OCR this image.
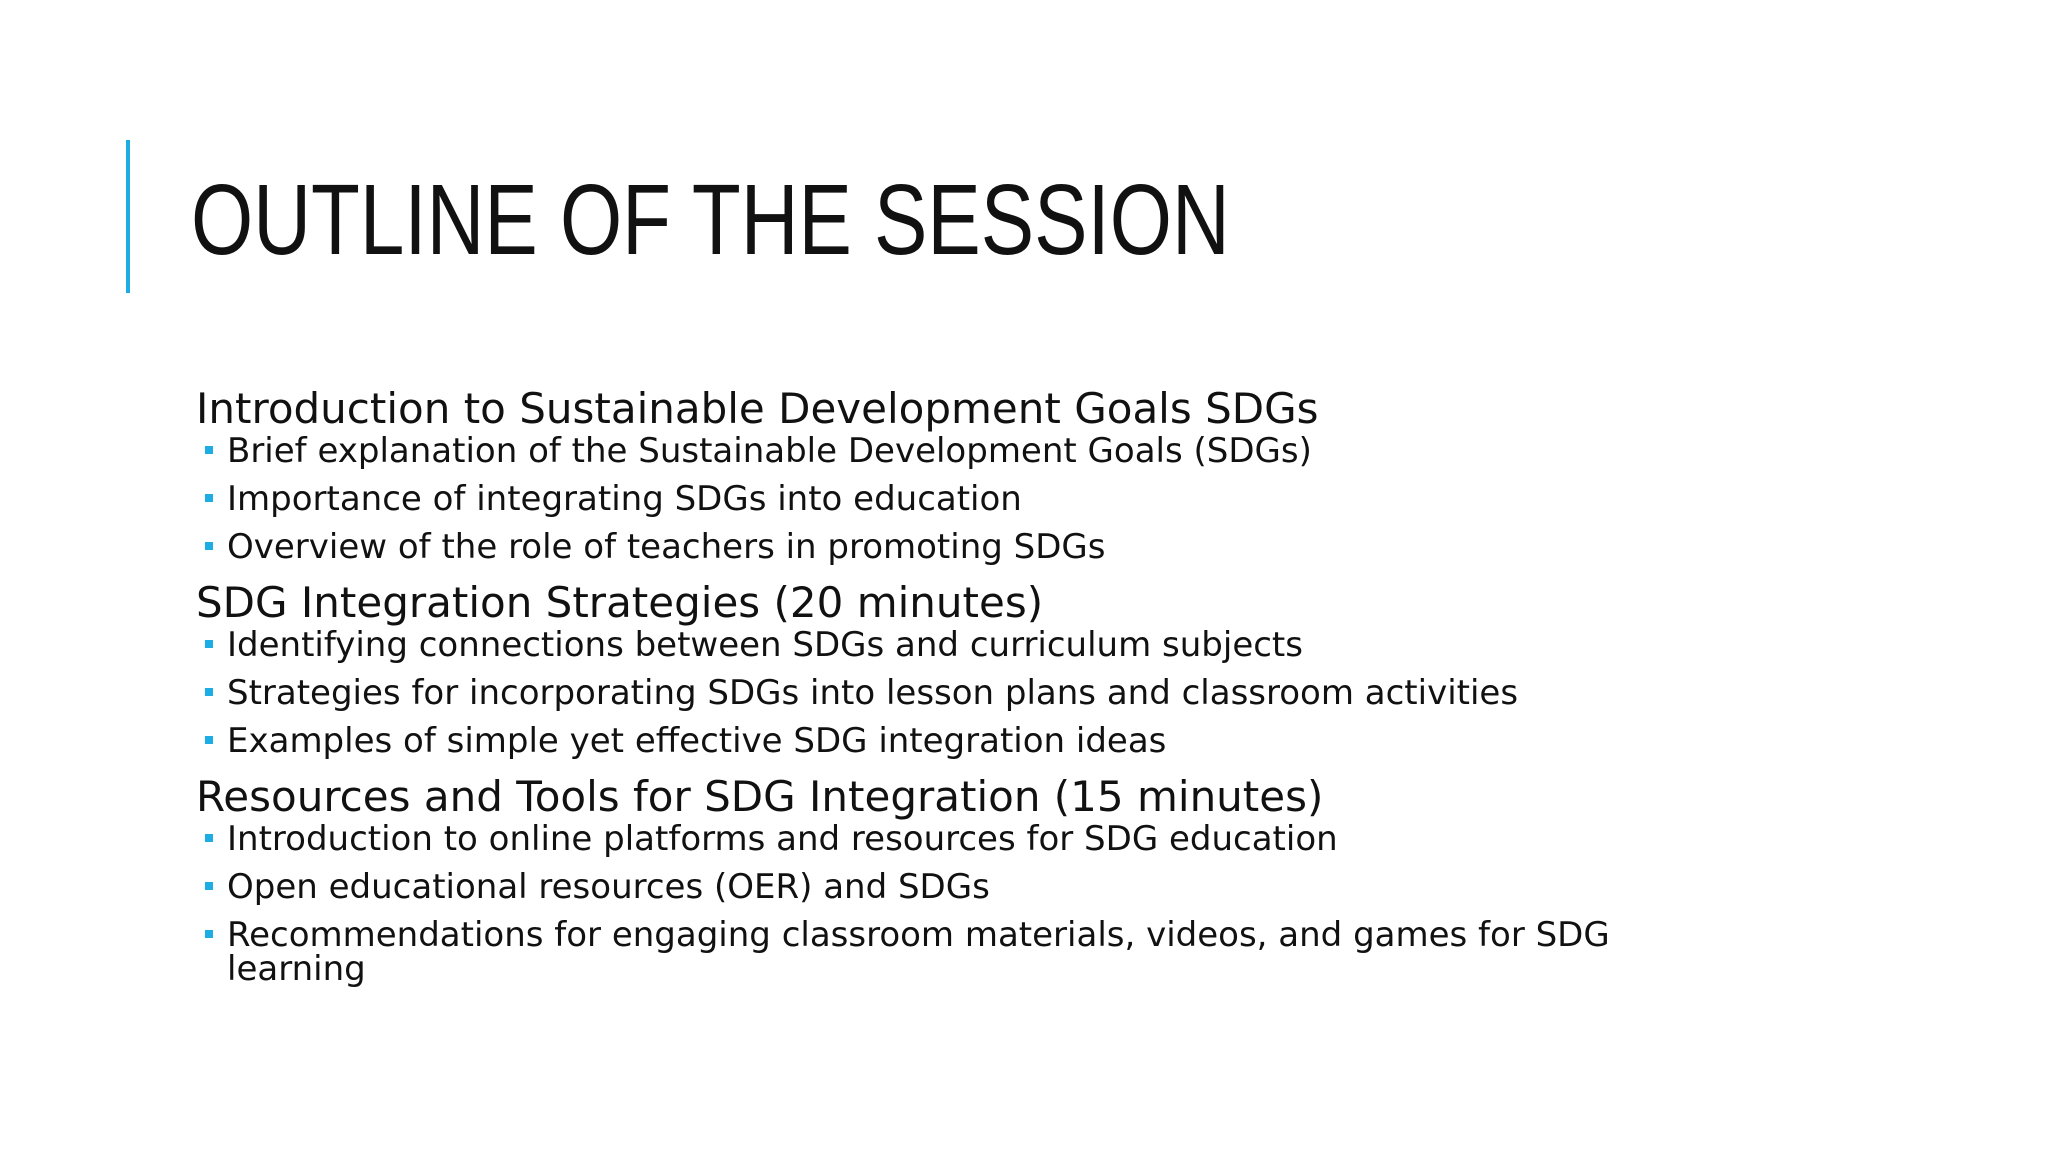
OUTLINE OF THE SESSION

Introduction to Sustainable Development Goals SDGs

Brief explanation of the Sustainable Development Goals (SDGs)
Importance of integrating SDGs into education
Overview of the role of teachers in promoting SDGs

SDG Integration Strategies (20 minutes)

Identifying connections between SDGs and curriculum subjects
Strategies for incorporating SDGs into lesson plans and classroom activities
Examples of simple yet effective SDG integration ideas

Resources and Tools for SDG Integration (15 minutes)

Introduction to online platforms and resources for SDG education
Open educational resources (OER) and SDGs
Recommendations for engaging classroom materials, videos, and games for SDG learning
